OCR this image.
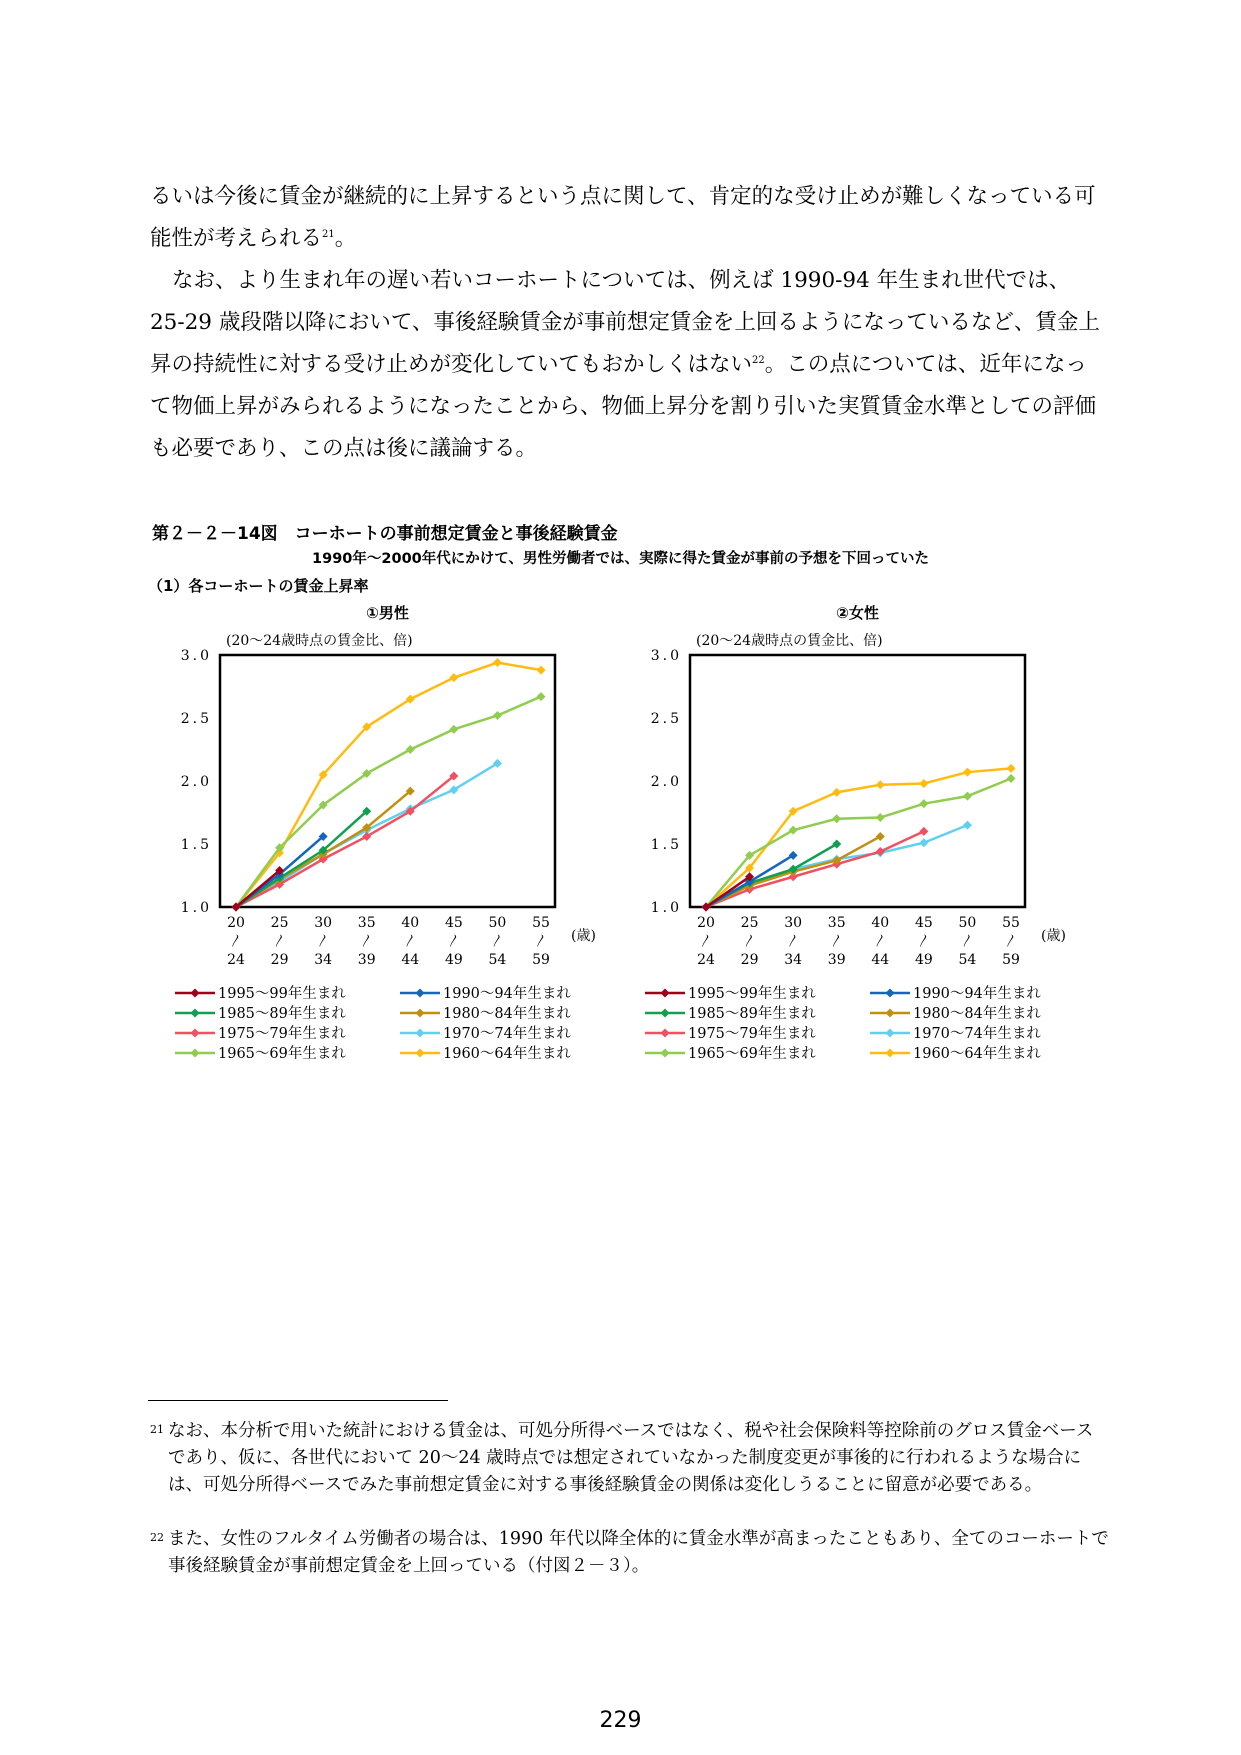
るいは今後に賃金が継続的に上昇するという点に関して、肯定的な受け止めが難しくなっている可能性が考えられる$^{21}$。

なお、より生まれ年の遅い若いコーホートについては、例えば 1990-94 年生まれ世代では、25-29 歳段階以降において、事後経験賃金が事前想定賃金を上回るようになっているなど、賃金上昇の持続性に対する受け止めが変化していてもおかしくはない$^{22}$。この点については、近年になって物価上昇がみられるようになったことから、物価上昇分を割り引いた実質賃金水準としての評価も必要であり、この点は後に議論する。

第２－２－14図　コーホートの事前想定賃金と事後経験賃金
1990年～2000年代にかけて、男性労働者では、実際に得た賃金が事前の予想を下回っていた
（1）各コーホートの賃金上昇率
①男性
(20～24歳時点の賃金比、倍)
3.0
2.5
2.0
1.5
1.0
20
〳
24
25
〳
29
30
〳
34
35
〳
39
40
〳
44
45
〳
49
50
〳
54
55
〳
59
(歳)
1995～99年生まれ	1990～94年生まれ
1985～89年生まれ	1980～84年生まれ
1975～79年生まれ	1970～74年生まれ
1965～69年生まれ	1960～64年生まれ
②女性
(20～24歳時点の賃金比、倍)
3.0
2.5
2.0
1.5
1.0
20
〳
24
25
〳
29
30
〳
34
35
〳
39
40
〳
44
45
〳
49
50
〳
54
55
〳
59
(歳)
1995～99年生まれ	1990～94年生まれ
1985～89年生まれ	1980～84年生まれ
1975～79年生まれ	1970～74年生まれ
1965～69年生まれ	1960～64年生まれ
21 なお、本分析で用いた統計における賃金は、可処分所得ベースではなく、税や社会保険料等控除前のグロス賃金ベースであり、仮に、各世代において 20～24 歳時点では想定されていなかった制度変更が事後的に行われるような場合には、可処分所得ベースでみた事前想定賃金に対する事後経験賃金の関係は変化しうることに留意が必要である。
22 また、女性のフルタイム労働者の場合は、1990 年代以降全体的に賃金水準が高まったこともあり、全てのコーホートで事後経験賃金が事前想定賃金を上回っている（付図２－３）。
229
